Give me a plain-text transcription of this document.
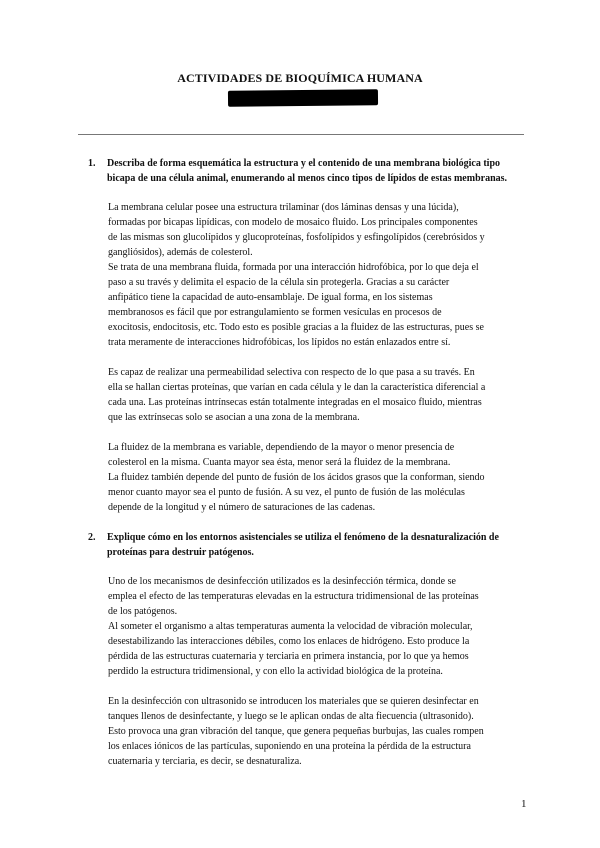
ACTIVIDADES DE BIOQUÍMICA HUMANA
1.	Describa de forma esquemática la estructura y el contenido de una membrana biológica tipo bicapa de una célula animal, enumerando al menos cinco tipos de lípidos de estas membranas.
La membrana celular posee una estructura trilaminar (dos láminas densas y una lúcida),
formadas por bicapas lipídicas, con modelo de mosaico fluido. Los principales componentes
de las mismas son glucolípidos y glucoproteínas, fosfolípidos y esfingolípidos (cerebrósidos y
gangliósidos), además de colesterol.
Se trata de una membrana fluida, formada por una interacción hidrofóbica, por lo que deja el
paso a su través y delimita el espacio de la célula sin protegerla. Gracias a su carácter
anfipático tiene la capacidad de auto-ensamblaje. De igual forma, en los sistemas
membranosos es fácil que por estrangulamiento se formen vesículas en procesos de
exocitosis, endocitosis, etc. Todo esto es posible gracias a la fluidez de las estructuras, pues se
trata meramente de interacciones hidrofóbicas, los lípidos no están enlazados entre sí.
Es capaz de realizar una permeabilidad selectiva con respecto de lo que pasa a su través. En
ella se hallan ciertas proteínas, que varían en cada célula y le dan la característica diferencial a
cada una. Las proteínas intrínsecas están totalmente integradas en el mosaico fluido, mientras
que las extrínsecas solo se asocian a una zona de la membrana.
La fluidez de la membrana es variable, dependiendo de la mayor o menor presencia de
colesterol en la misma. Cuanta mayor sea ésta, menor será la fluidez de la membrana.
La fluidez también depende del punto de fusión de los ácidos grasos que la conforman, siendo
menor cuanto mayor sea el punto de fusión. A su vez, el punto de fusión de las moléculas
depende de la longitud y el número de saturaciones de las cadenas.
2.	Explique cómo en los entornos asistenciales se utiliza el fenómeno de la desnaturalización de proteínas para destruir patógenos.
Uno de los mecanismos de desinfección utilizados es la desinfección térmica, donde se
emplea el efecto de las temperaturas elevadas en la estructura tridimensional de las proteínas
de los patógenos.
Al someter el organismo a altas temperaturas aumenta la velocidad de vibración molecular,
desestabilizando las interacciones débiles, como los enlaces de hidrógeno. Esto produce la
pérdida de las estructuras cuaternaria y terciaria en primera instancia, por lo que ya hemos
perdido la estructura tridimensional, y con ello la actividad biológica de la proteína.
En la desinfección con ultrasonido se introducen los materiales que se quieren desinfectar en
tanques llenos de desinfectante, y luego se le aplican ondas de alta fiecuencia (ultrasonido).
Esto provoca una gran vibración del tanque, que genera pequeñas burbujas, las cuales rompen
los enlaces iónicos de las partículas, suponiendo en una proteína la pérdida de la estructura
cuaternaria y terciaria, es decir, se desnaturaliza.
1
